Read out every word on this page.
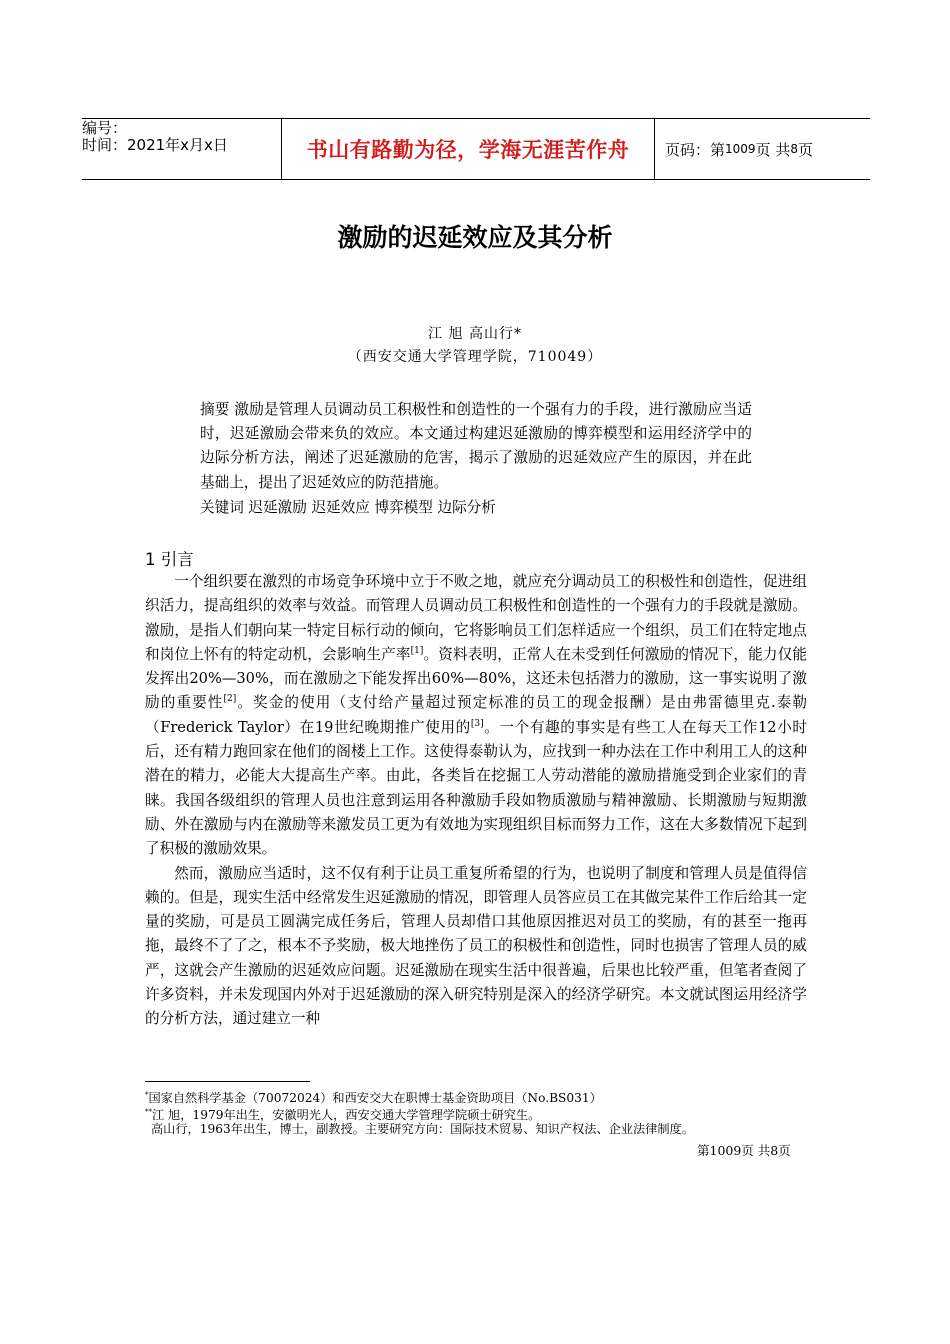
编号：
时间：2021年x月x日	书山有路勤为径，学海无涯苦作舟	页码：第 1009 页 共 8 页
激励的迟延效应及其分析
江 旭 高山行*
（西安交通大学管理学院，710049）
摘要 激励是管理人员调动员工积极性和创造性的一个强有力的手段，进行激励应当适时，迟延激励会带来负的效应。本文通过构建迟延激励的博弈模型和运用经济学中的边际分析方法，阐述了迟延激励的危害，揭示了激励的迟延效应产生的原因，并在此基础上，提出了迟延效应的防范措施。
关键词 迟延激励 迟延效应 博弈模型 边际分析
1 引言

一个组织要在激烈的市场竞争环境中立于不败之地，就应充分调动员工的积极性和创造性，促进组织活力，提高组织的效率与效益。而管理人员调动员工积极性和创造性的一个强有力的手段就是激励。激励，是指人们朝向某一特定目标行动的倾向，它将影响员工们怎样适应一个组织，员工们在特定地点和岗位上怀有的特定动机，会影响生产率[1]。资料表明，正常人在未受到任何激励的情况下，能力仅能发挥出20%—30%，而在激励之下能发挥出60%—80%，这还未包括潜力的激励，这一事实说明了激励的重要性[2]。奖金的使用（支付给产量超过预定标准的员工的现金报酬）是由弗雷德里克.泰勒（Frederick Taylor）在19世纪晚期推广使用的[3]。一个有趣的事实是有些工人在每天工作12小时后，还有精力跑回家在他们的阁楼上工作。这使得泰勒认为，应找到一种办法在工作中利用工人的这种潜在的精力，必能大大提高生产率。由此，各类旨在挖掘工人劳动潜能的激励措施受到企业家们的青睐。我国各级组织的管理人员也注意到运用各种激励手段如物质激励与精神激励、长期激励与短期激励、外在激励与内在激励等来激发员工更为有效地为实现组织目标而努力工作，这在大多数情况下起到了积极的激励效果。

然而，激励应当适时，这不仅有利于让员工重复所希望的行为，也说明了制度和管理人员是值得信赖的。但是，现实生活中经常发生迟延激励的情况，即管理人员答应员工在其做完某件工作后给其一定量的奖励，可是员工圆满完成任务后，管理人员却借口其他原因推迟对员工的奖励，有的甚至一拖再拖，最终不了了之，根本不予奖励，极大地挫伤了员工的积极性和创造性，同时也损害了管理人员的威严，这就会产生激励的迟延效应问题。迟延激励在现实生活中很普遍，后果也比较严重，但笔者查阅了许多资料，并未发现国内外对于迟延激励的深入研究特别是深入的经济学研究。本文就试图运用经济学的分析方法，通过建立一种

*国家自然科学基金（70072024）和西安交大在职博士基金资助项目（No.BS031）
**江 旭，1979年出生，安徽明光人，西安交通大学管理学院硕士研究生。
高山行，1963年出生，博士，副教授。主要研究方向：国际技术贸易、知识产权法、企业法律制度。
第1009页 共8页
